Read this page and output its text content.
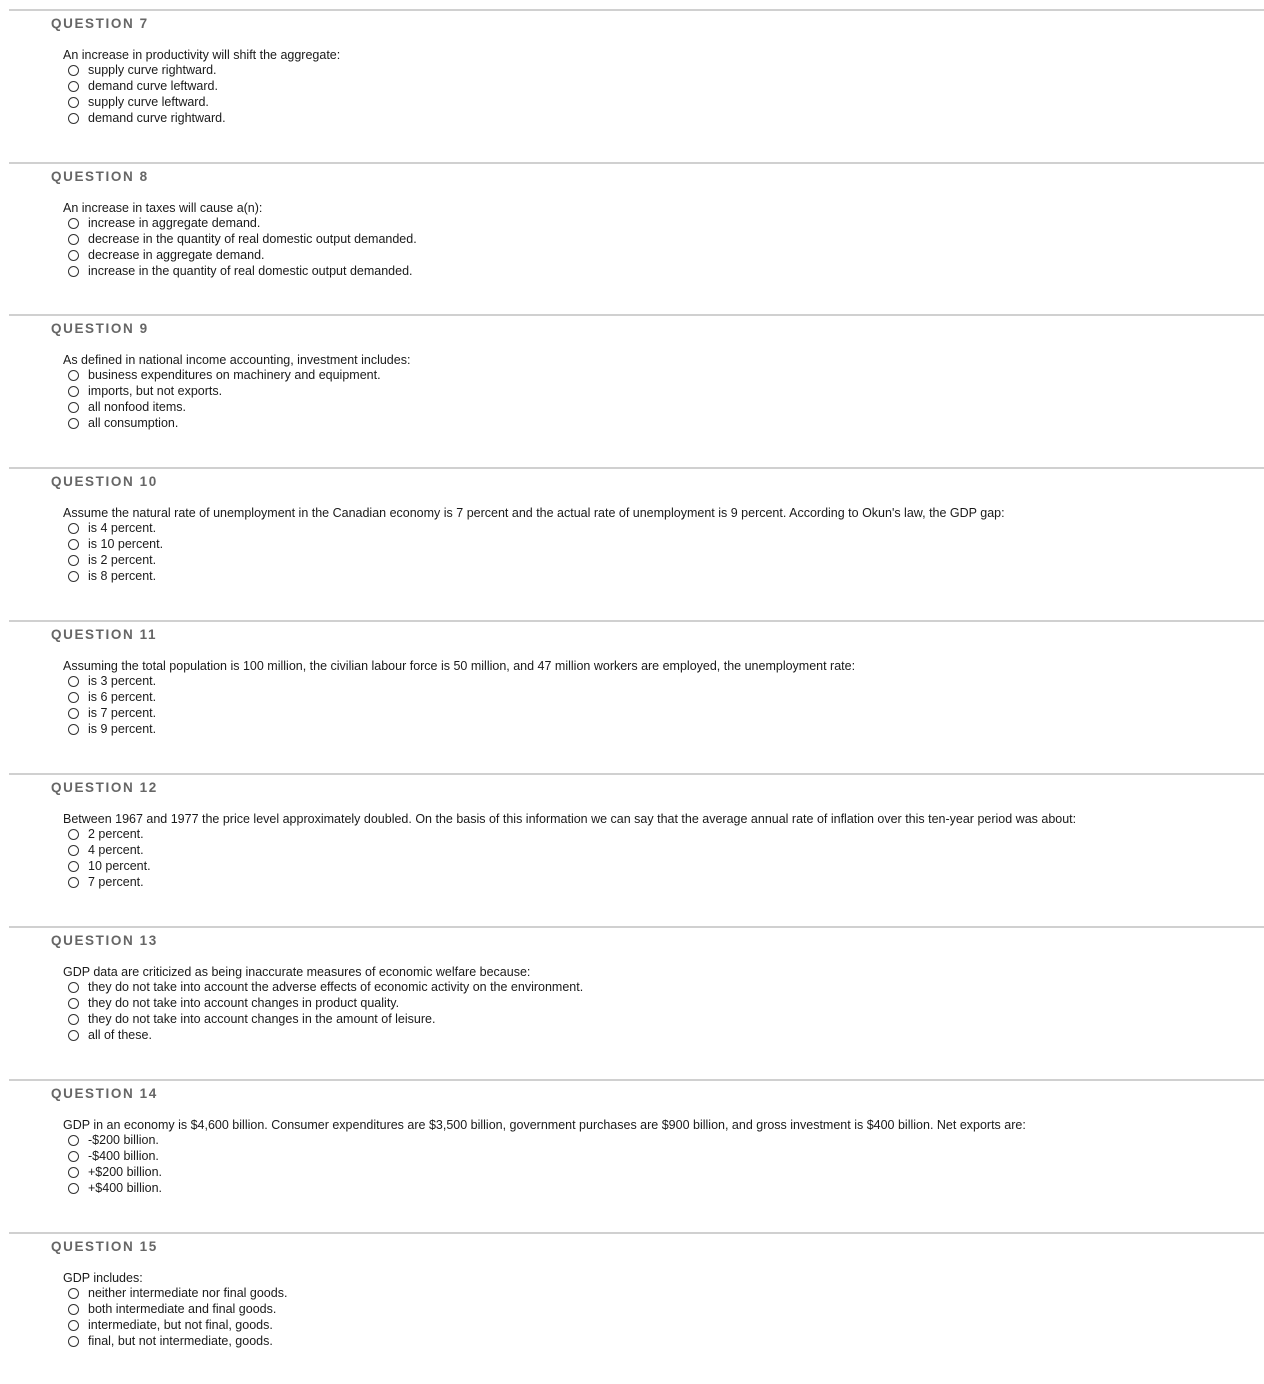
QUESTION 7
An increase in productivity will shift the aggregate:
supply curve rightward.
demand curve leftward.
supply curve leftward.
demand curve rightward.
QUESTION 8
An increase in taxes will cause a(n):
increase in aggregate demand.
decrease in the quantity of real domestic output demanded.
decrease in aggregate demand.
increase in the quantity of real domestic output demanded.
QUESTION 9
As defined in national income accounting, investment includes:
business expenditures on machinery and equipment.
imports, but not exports.
all nonfood items.
all consumption.
QUESTION 10
Assume the natural rate of unemployment in the Canadian economy is 7 percent and the actual rate of unemployment is 9 percent. According to Okun's law, the GDP gap:
is 4 percent.
is 10 percent.
is 2 percent.
is 8 percent.
QUESTION 11
Assuming the total population is 100 million, the civilian labour force is 50 million, and 47 million workers are employed, the unemployment rate:
is 3 percent.
is 6 percent.
is 7 percent.
is 9 percent.
QUESTION 12
Between 1967 and 1977 the price level approximately doubled. On the basis of this information we can say that the average annual rate of inflation over this ten-year period was about:
2 percent.
4 percent.
10 percent.
7 percent.
QUESTION 13
GDP data are criticized as being inaccurate measures of economic welfare because:
they do not take into account the adverse effects of economic activity on the environment.
they do not take into account changes in product quality.
they do not take into account changes in the amount of leisure.
all of these.
QUESTION 14
GDP in an economy is $4,600 billion. Consumer expenditures are $3,500 billion, government purchases are $900 billion, and gross investment is $400 billion. Net exports are:
-$200 billion.
-$400 billion.
+$200 billion.
+$400 billion.
QUESTION 15
GDP includes:
neither intermediate nor final goods.
both intermediate and final goods.
intermediate, but not final, goods.
final, but not intermediate, goods.
